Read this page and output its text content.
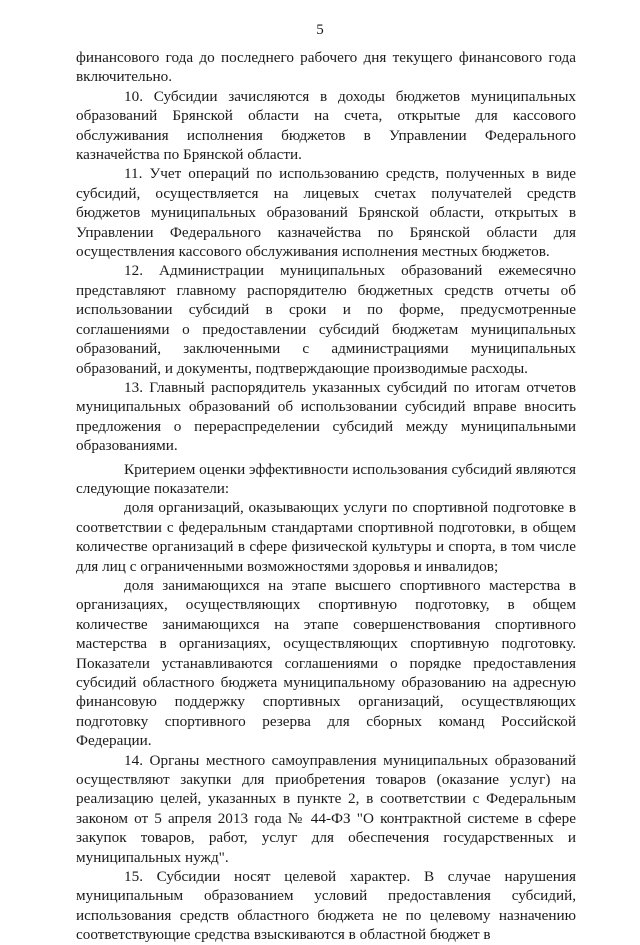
5

финансового года до последнего рабочего дня текущего финансового года включительно.

10. Субсидии зачисляются в доходы бюджетов муниципальных образований Брянской области на счета, открытые для кассового обслуживания исполнения бюджетов в Управлении Федерального казначейства по Брянской области.

11. Учет операций по использованию средств, полученных в виде субсидий, осуществляется на лицевых счетах получателей средств бюджетов муниципальных образований Брянской области, открытых в Управлении Федерального казначейства по Брянской области для осуществления кассового обслуживания исполнения местных бюджетов.

12. Администрации муниципальных образований ежемесячно представляют главному распорядителю бюджетных средств отчеты об использовании субсидий в сроки и по форме, предусмотренные соглашениями о предоставлении субсидий бюджетам муниципальных образований, заключенными с администрациями муниципальных образований, и документы, подтверждающие производимые расходы.

13. Главный распорядитель указанных субсидий по итогам отчетов муниципальных образований об использовании субсидий вправе вносить предложения о перераспределении субсидий между муниципальными образованиями.

Критерием оценки эффективности использования субсидий являются следующие показатели:

доля организаций, оказывающих услуги по спортивной подготовке в соответствии с федеральным стандартами спортивной подготовки, в общем количестве организаций в сфере физической культуры и спорта, в том числе для лиц с ограниченными возможностями здоровья и инвалидов;

доля занимающихся на этапе высшего спортивного мастерства в организациях, осуществляющих спортивную подготовку, в общем количестве занимающихся на этапе совершенствования спортивного мастерства в организациях, осуществляющих спортивную подготовку. Показатели устанавливаются соглашениями о порядке предоставления субсидий областного бюджета муниципальному образованию на адресную финансовую поддержку спортивных организаций, осуществляющих подготовку спортивного резерва для сборных команд Российской Федерации.

14. Органы местного самоуправления муниципальных образований осуществляют закупки для приобретения товаров (оказание услуг) на реализацию целей, указанных в пункте 2, в соответствии с Федеральным законом от 5 апреля 2013 года № 44-ФЗ "О контрактной системе в сфере закупок товаров, работ, услуг для обеспечения государственных и муниципальных нужд".

15. Субсидии носят целевой характер. В случае нарушения муниципальным образованием условий предоставления субсидий, использования средств областного бюджета не по целевому назначению соответствующие средства взыскиваются в областной бюджет в
